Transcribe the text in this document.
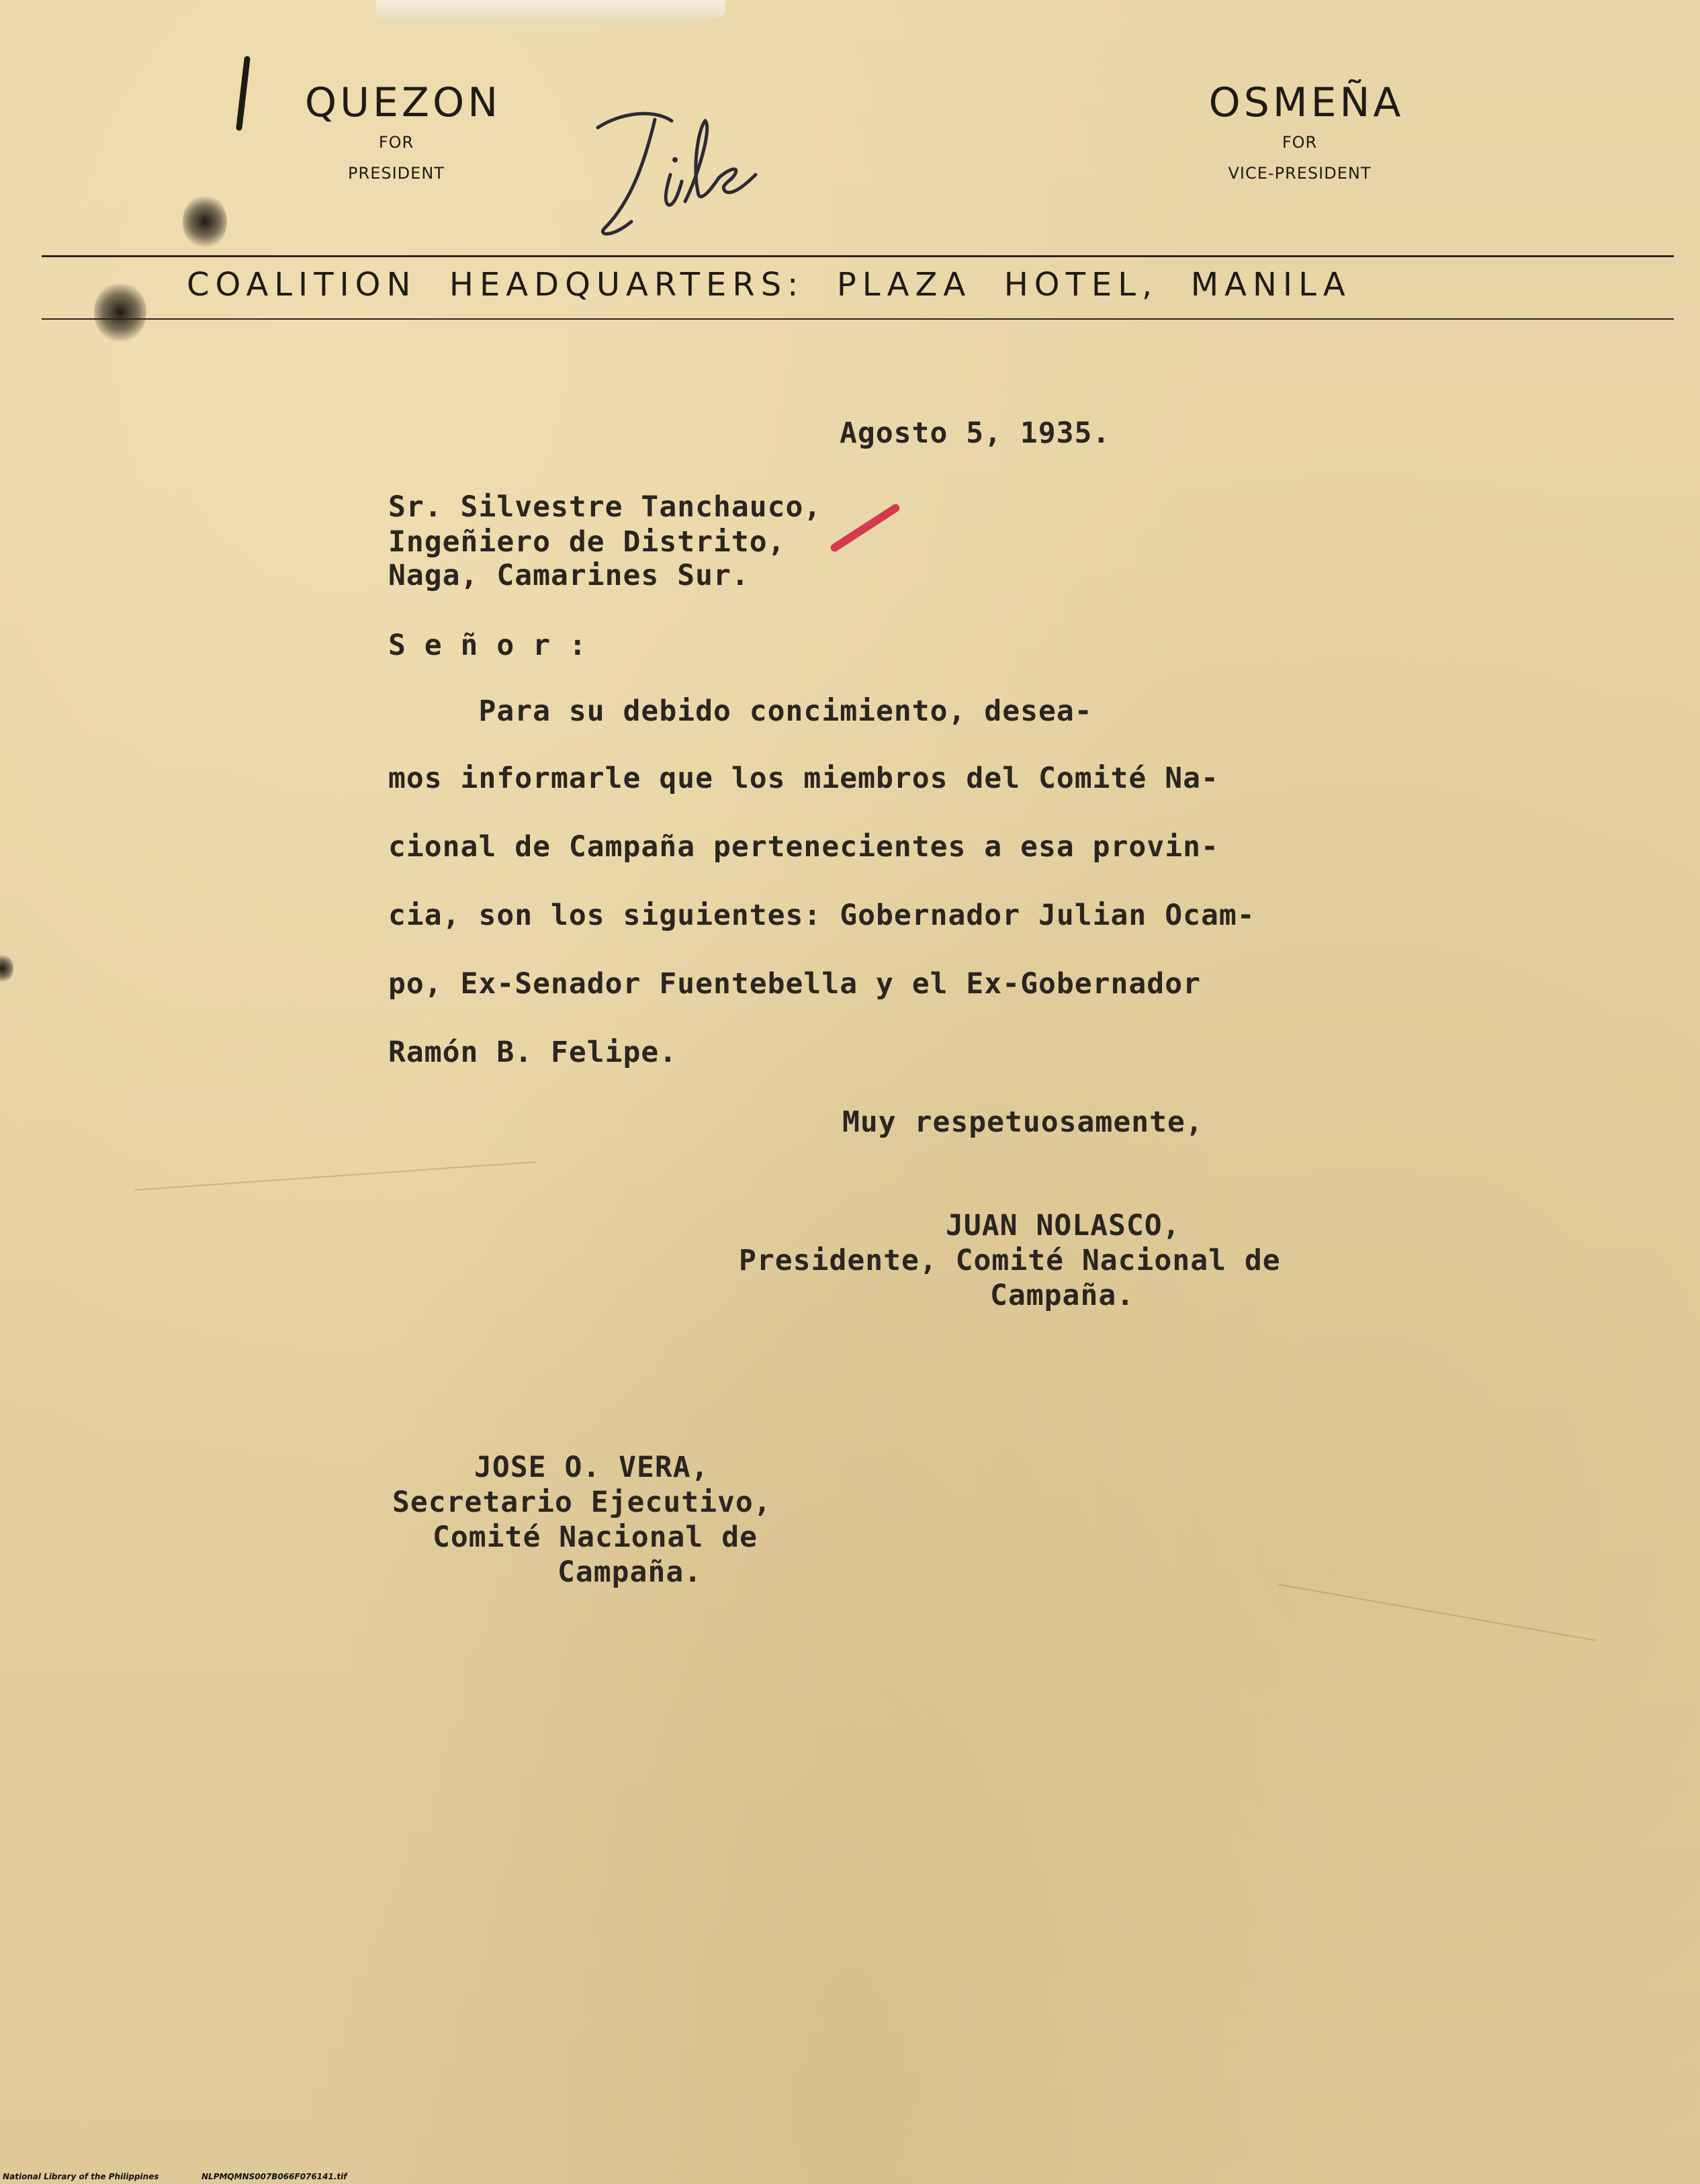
QUEZON
FOR
PRESIDENT
OSMEÑA
FOR
VICE-PRESIDENT
COALITION  HEADQUARTERS:  PLAZA  HOTEL,  MANILA
Agosto 5, 1935.
Sr. Silvestre Tanchauco,
Ingeñiero de Distrito,
Naga, Camarines Sur.
S e ñ o r :
Para su debido concimiento, desea-
mos informarle que los miembros del Comité Na-
cional de Campaña pertenecientes a esa provin-
cia, son los siguientes: Gobernador Julian Ocam-
po, Ex-Senador Fuentebella y el Ex-Gobernador
Ramón B. Felipe.
Muy respetuosamente,
JUAN NOLASCO,
Presidente, Comité Nacional de
Campaña.
JOSE O. VERA,
Secretario Ejecutivo,
Comité Nacional de
Campaña.
National Library of the Philippines	NLPMQMNS007B066F076141.tif
